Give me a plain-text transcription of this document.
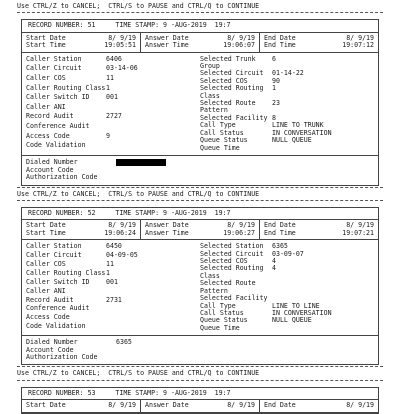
Use CTRL/Z to CANCEL;  CTRL/S to PAUSE and CTRL/Q to CONTINUE
RECORD NUMBER: 51	TIME STAMP: 9 -AUG-2019  19:7
Start Date	8/ 9/19
Start Time	19:05:51
Answer Date	8/ 9/19
Answer Time	19:06:07
End Date	8/ 9/19
End Time	19:07:12
Caller Station	6406
Caller Circuit	03-14-06
Caller COS	11
Caller Routing Class 1
Caller Switch ID	001
Caller ANI
Record Audit	2727
Conference Audit
Access Code	9
Code Validation
Selected Trunk Group
6
Selected Circuit	01-14-22
Selected COS	90
Selected Routing Class
1
Selected Route Pattern
23
Selected Facility 8
Call Type	LINE TO TRUNK
Call Status	IN CONVERSATION
Queue Status	NULL QUEUE
Queue Time
Dialed Number
Account Code
Authorization Code
Use CTRL/Z to CANCEL;  CTRL/S to PAUSE and CTRL/Q to CONTINUE
RECORD NUMBER: 52	TIME STAMP: 9 -AUG-2019  19:7
Start Date	8/ 9/19
Start Time	19:06:24
Answer Date	8/ 9/19
Answer Time	19:06:27
End Date	8/ 9/19
End Time	19:07:21
Caller Station	6450
Caller Circuit	04-09-05
Caller COS	11
Caller Routing Class 1
Caller Switch ID	001
Caller ANI
Record Audit	2731
Conference Audit
Access Code
Code Validation
Selected Station	6365
Selected Circuit	03-09-07
Selected COS	4
Selected Routing Class
4
Selected Route Pattern
Selected Facility
Call Type	LINE TO LINE
Call Status	IN CONVERSATION
Queue Status	NULL QUEUE
Queue Time
Dialed Number	6365
Account Code
Authorization Code
Use CTRL/Z to CANCEL;  CTRL/S to PAUSE and CTRL/Q to CONTINUE
RECORD NUMBER: 53	TIME STAMP: 9 -AUG-2019  19:7
Start Date	8/ 9/19 Answer Date	8/ 9/19 End Date	8/ 9/19
